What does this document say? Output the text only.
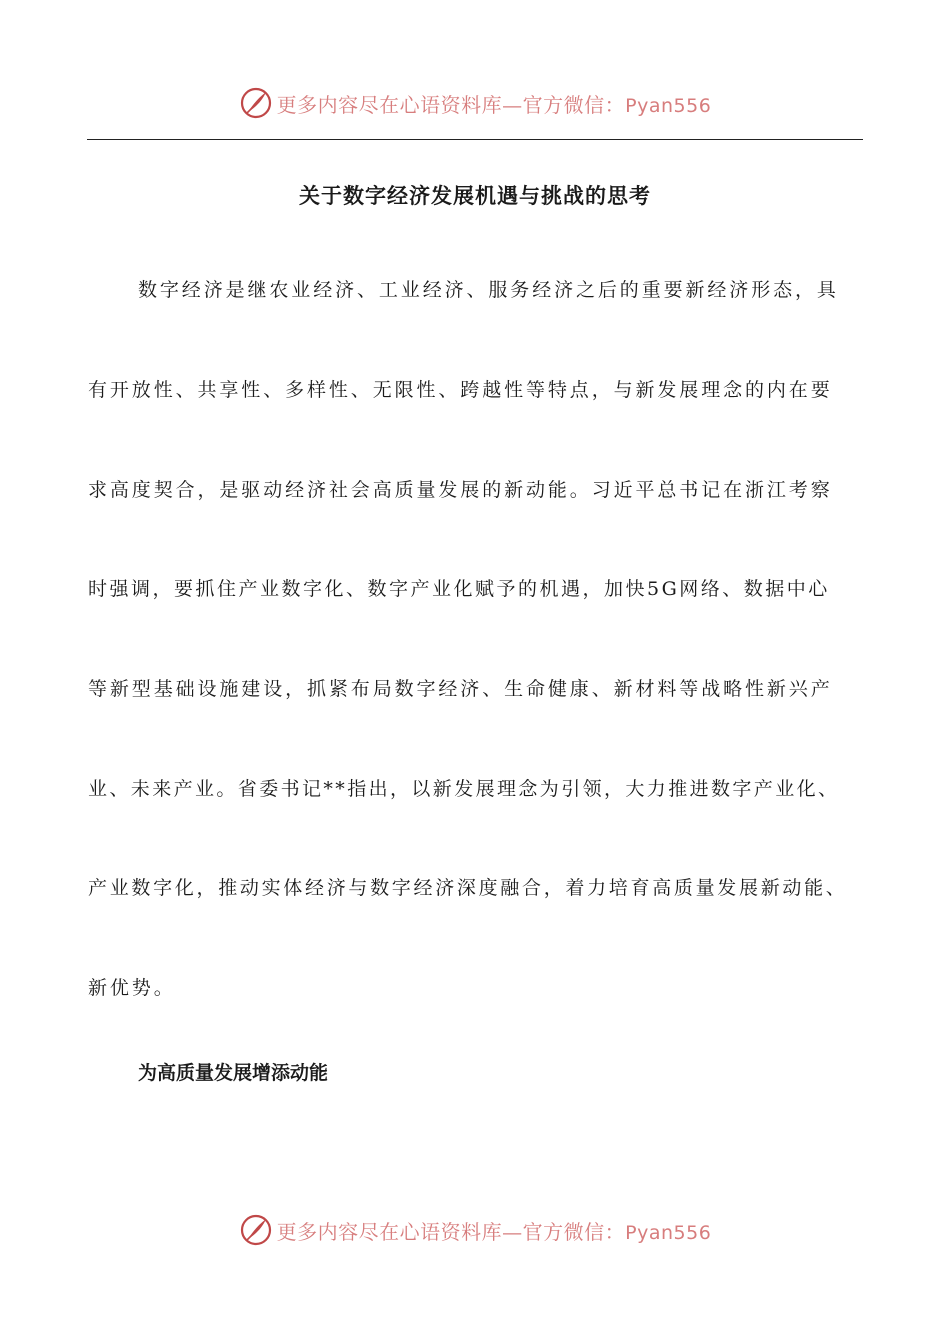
更多内容尽在心语资料库—官方微信：Pyan556
关于数字经济发展机遇与挑战的思考
数字经济是继农业经济、工业经济、服务经济之后的重要新经济形态，具
有开放性、共享性、多样性、无限性、跨越性等特点，与新发展理念的内在要
求高度契合，是驱动经济社会高质量发展的新动能。习近平总书记在浙江考察
时强调，要抓住产业数字化、数字产业化赋予的机遇，加快5G网络、数据中心
等新型基础设施建设，抓紧布局数字经济、生命健康、新材料等战略性新兴产
业、未来产业。省委书记**指出，以新发展理念为引领，大力推进数字产业化、
产业数字化，推动实体经济与数字经济深度融合，着力培育高质量发展新动能、
新优势。
为高质量发展增添动能
更多内容尽在心语资料库—官方微信：Pyan556
